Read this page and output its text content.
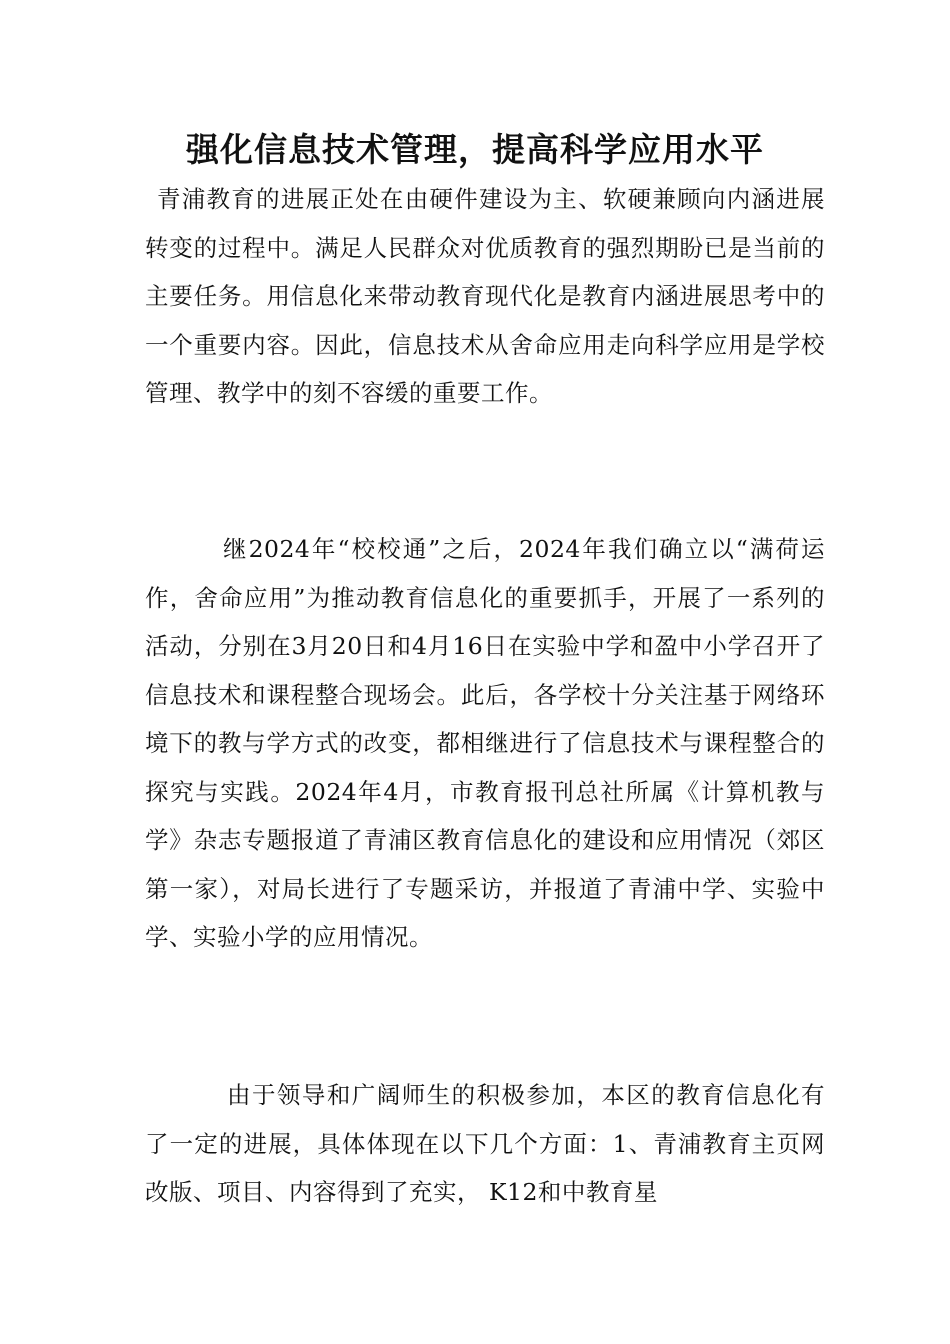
强化信息技术管理，提高科学应用水平

青浦教育的进展正处在由硬件建设为主、软硬兼顾向内涵进展转变的过程中。满足人民群众对优质教育的强烈期盼已是当前的主要任务。用信息化来带动教育现代化是教育内涵进展思考中的一个重要内容。因此，信息技术从舍命应用走向科学应用是学校管理、教学中的刻不容缓的重要工作。

继2024年“校校通”之后，2024年我们确立以“满荷运作，舍命应用”为推动教育信息化的重要抓手，开展了一系列的活动，分别在3月20日和4月16日在实验中学和盈中小学召开了信息技术和课程整合现场会。此后，各学校十分关注基于网络环境下的教与学方式的改变，都相继进行了信息技术与课程整合的探究与实践。2024年4月，市教育报刊总社所属《计算机教与学》杂志专题报道了青浦区教育信息化的建设和应用情况（郊区第一家），对局长进行了专题采访，并报道了青浦中学、实验中学、实验小学的应用情况。

由于领导和广阔师生的积极参加，本区的教育信息化有了一定的进展，具体体现在以下几个方面：1、青浦教育主页网改版、项目、内容得到了充实， K12和中教育星
